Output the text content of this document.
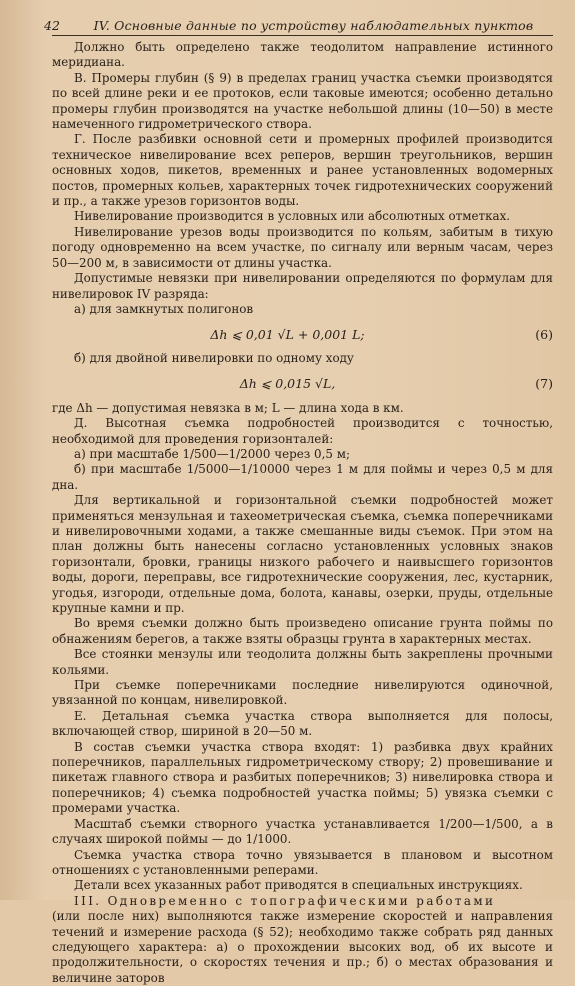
42	IV. Основные данные по устройству наблюдательных пунктов

Должно быть определено также теодолитом направление истинного меридиана.

В. Промеры глубин (§ 9) в пределах границ участка съемки производятся по всей длине реки и ее протоков, если таковые имеются; особенно детально промеры глубин производятся на участке небольшой длины (10—50) в месте намеченного гидрометрического створа.

Г. После разбивки основной сети и промерных профилей производится техническое нивелирование всех реперов, вершин треугольников, вершин основных ходов, пикетов, временных и ранее установленных водомерных постов, промерных кольев, характерных точек гидротехнических сооружений и пр., а также урезов горизонтов воды.

Нивелирование производится в условных или абсолютных отметках.

Нивелирование урезов воды производится по кольям, забитым в тихую погоду одновременно на всем участке, по сигналу или верным часам, через 50—200 м, в зависимости от длины участка.

Допустимые невязки при нивелировании определяются по формулам для нивелировок IV разряда:

а) для замкнутых полигонов

Δh ⩽ 0,01 √L + 0,001 L;	(6)

б) для двойной нивелировки по одному ходу

Δh ⩽ 0,015 √L,	(7)

где Δh — допустимая невязка в м; L — длина хода в км.

Д. Высотная съемка подробностей производится с точностью, необходимой для проведения горизонталей:

а) при масштабе 1/500—1/2000 через 0,5 м;

б) при масштабе 1/5000—1/10000 через 1 м для поймы и через 0,5 м для дна.

Для вертикальной и горизонтальной съемки подробностей может применяться мензульная и тахеометрическая съемка, съемка поперечниками и нивелировочными ходами, а также смешанные виды съемок. При этом на план должны быть нанесены согласно установленных условных знаков горизонтали, бровки, границы низкого рабочего и наивысшего горизонтов воды, дороги, переправы, все гидротехнические сооружения, лес, кустарник, угодья, изгороди, отдельные дома, болота, канавы, озерки, пруды, отдельные крупные камни и пр.

Во время съемки должно быть произведено описание грунта поймы по обнажениям берегов, а также взяты образцы грунта в характерных местах.

Все стоянки мензулы или теодолита должны быть закреплены прочными кольями.

При съемке поперечниками последние нивелируются одиночной, увязанной по концам, нивелировкой.

Е. Детальная съемка участка створа выполняется для полосы, включающей створ, шириной в 20—50 м.

В состав съемки участка створа входят: 1) разбивка двух крайних поперечников, параллельных гидрометрическому створу; 2) провешивание и пикетаж главного створа и разбитых поперечников; 3) нивелировка створа и поперечников; 4) съемка подробностей участка поймы; 5) увязка съемки с промерами участка.

Масштаб съемки створного участка устанавливается 1/200—1/500, а в случаях широкой поймы — до 1/1000.

Съемка участка створа точно увязывается в плановом и высотном отношениях с установленными реперами.

Детали всех указанных работ приводятся в специальных инструкциях.

III. Одновременно с топографическими работами

(или после них) выполняются также измерение скоростей и направления течений и измерение расхода (§ 52); необходимо также собрать ряд данных следующего характера: а) о прохождении высоких вод, об их высоте и продолжительности, о скоростях течения и пр.; б) о местах образования и величине заторов
